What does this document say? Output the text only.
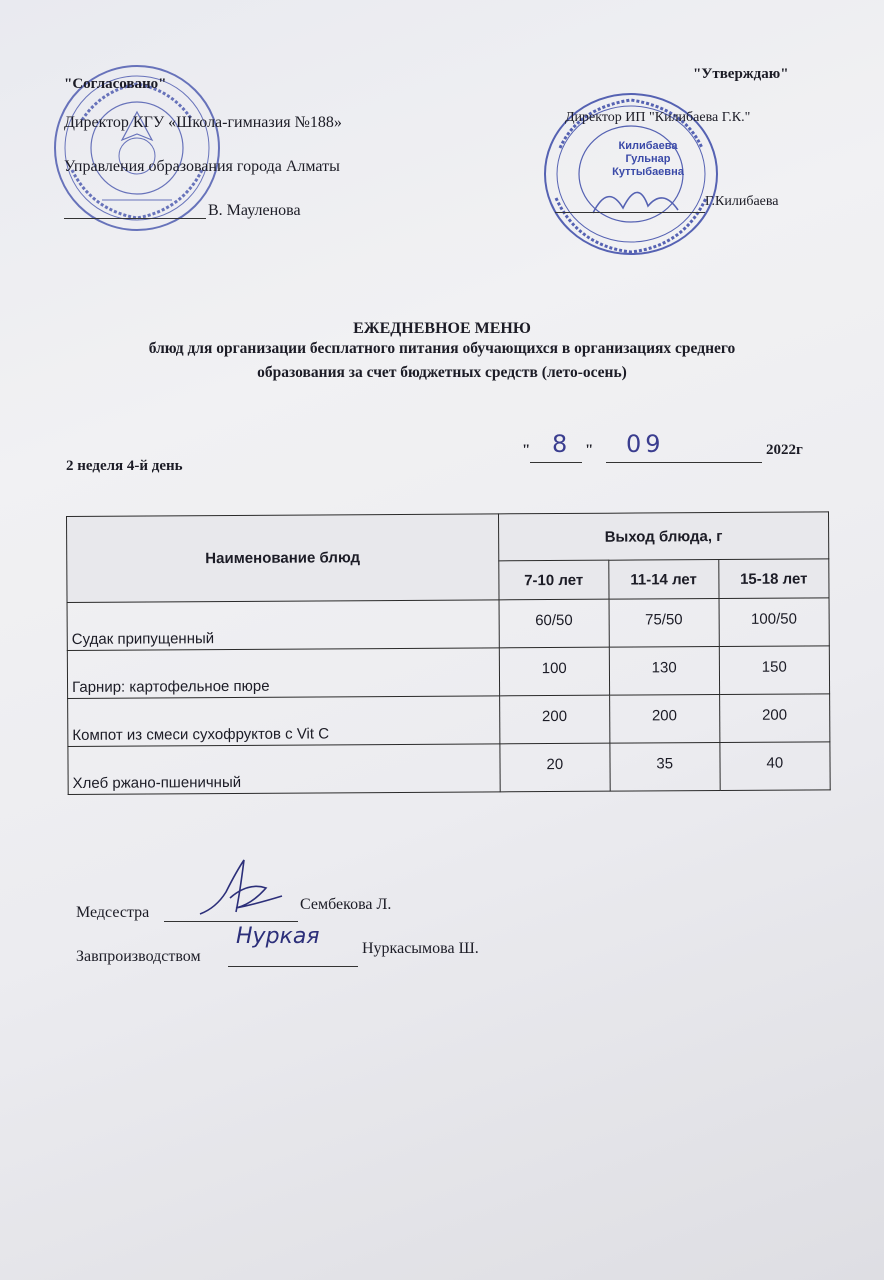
Килибаева
Гульнар
Куттыбаевна
"Согласовано"
Директор КГУ «Школа-гимназия №188»
Управления образования города Алматы
В. Мауленова
"Утверждаю"
Директор ИП "Килибаева Г.К."
Г.Килибаева
ЕЖЕДНЕВНОЕ МЕНЮ
блюд для организации бесплатного питания обучающихся в организациях среднего
образования за счет бюджетных средств (лето-осень)
2 неделя 4-й день
" 8 " 09	2022г
Наименование блюд	Выход блюда, г		
	7-10 лет	11-14 лет	15-18 лет
Судак припущенный	60/50	75/50	100/50
Гарнир: картофельное пюре	100	130	150
Компот из смеси сухофруктов с Vit C	200	200	200
Хлеб ржано-пшеничный	20	35	40
Медсестра	Сембекова Л.
Завпроизводством
Нуркая	Нуркасымова Ш.
